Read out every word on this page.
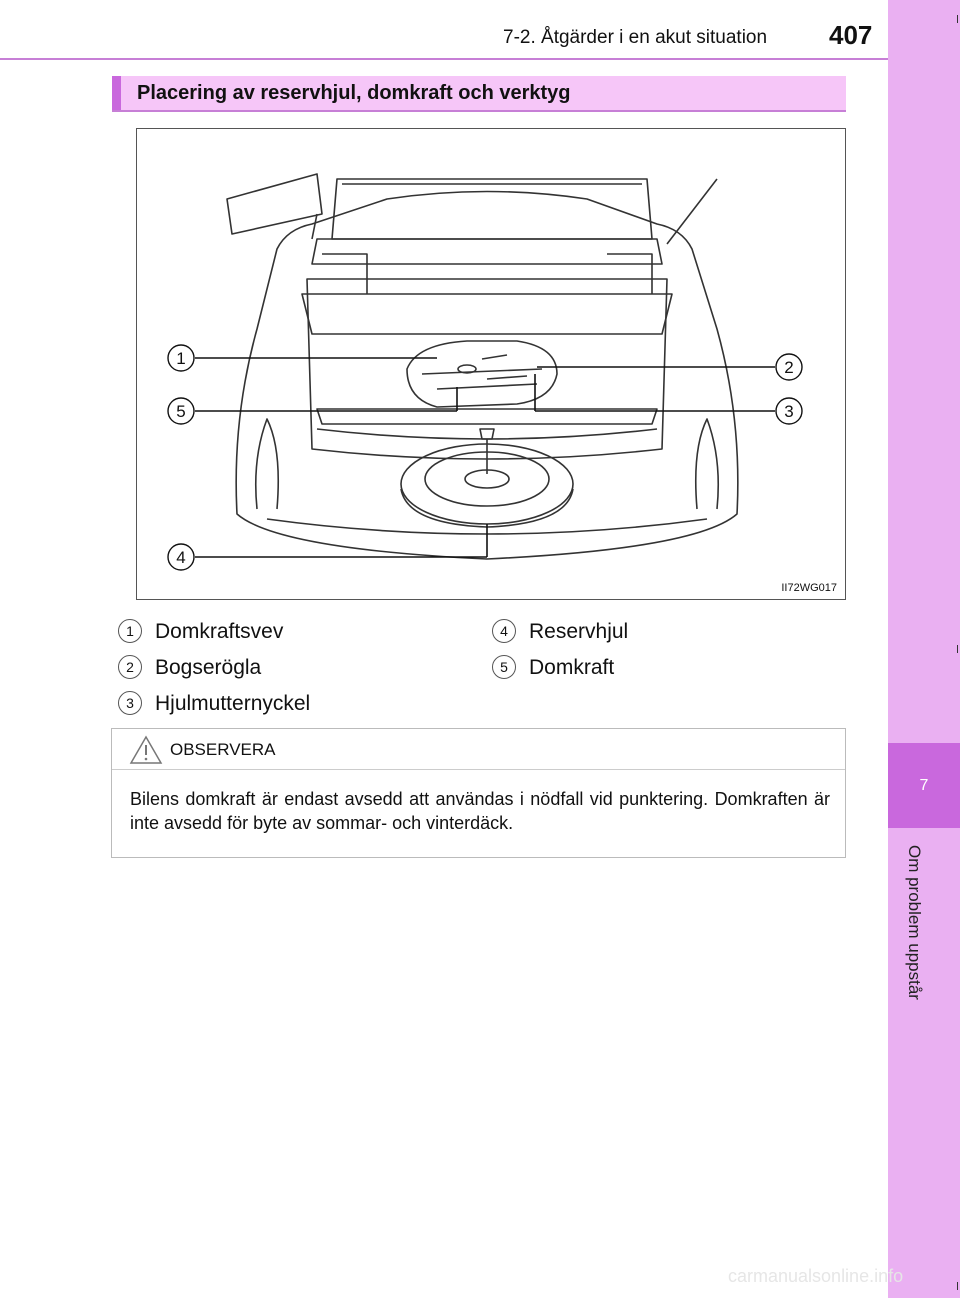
7-2. Åtgärder i en akut situation 407
7
Om problem uppstår
Placering av reservhjul, domkraft och verktyg
1	2
3
4
5
II72WG017
1 Domkraftsvev
2 Bogserögla
3 Hjulmutternyckel
4 Reservhjul
5 Domkraft
OBSERVERA
Bilens domkraft är endast avsedd att användas i nödfall vid punktering. Domkraften är inte avsedd för byte av sommar- och vinterdäck.
carmanualsonline.info
